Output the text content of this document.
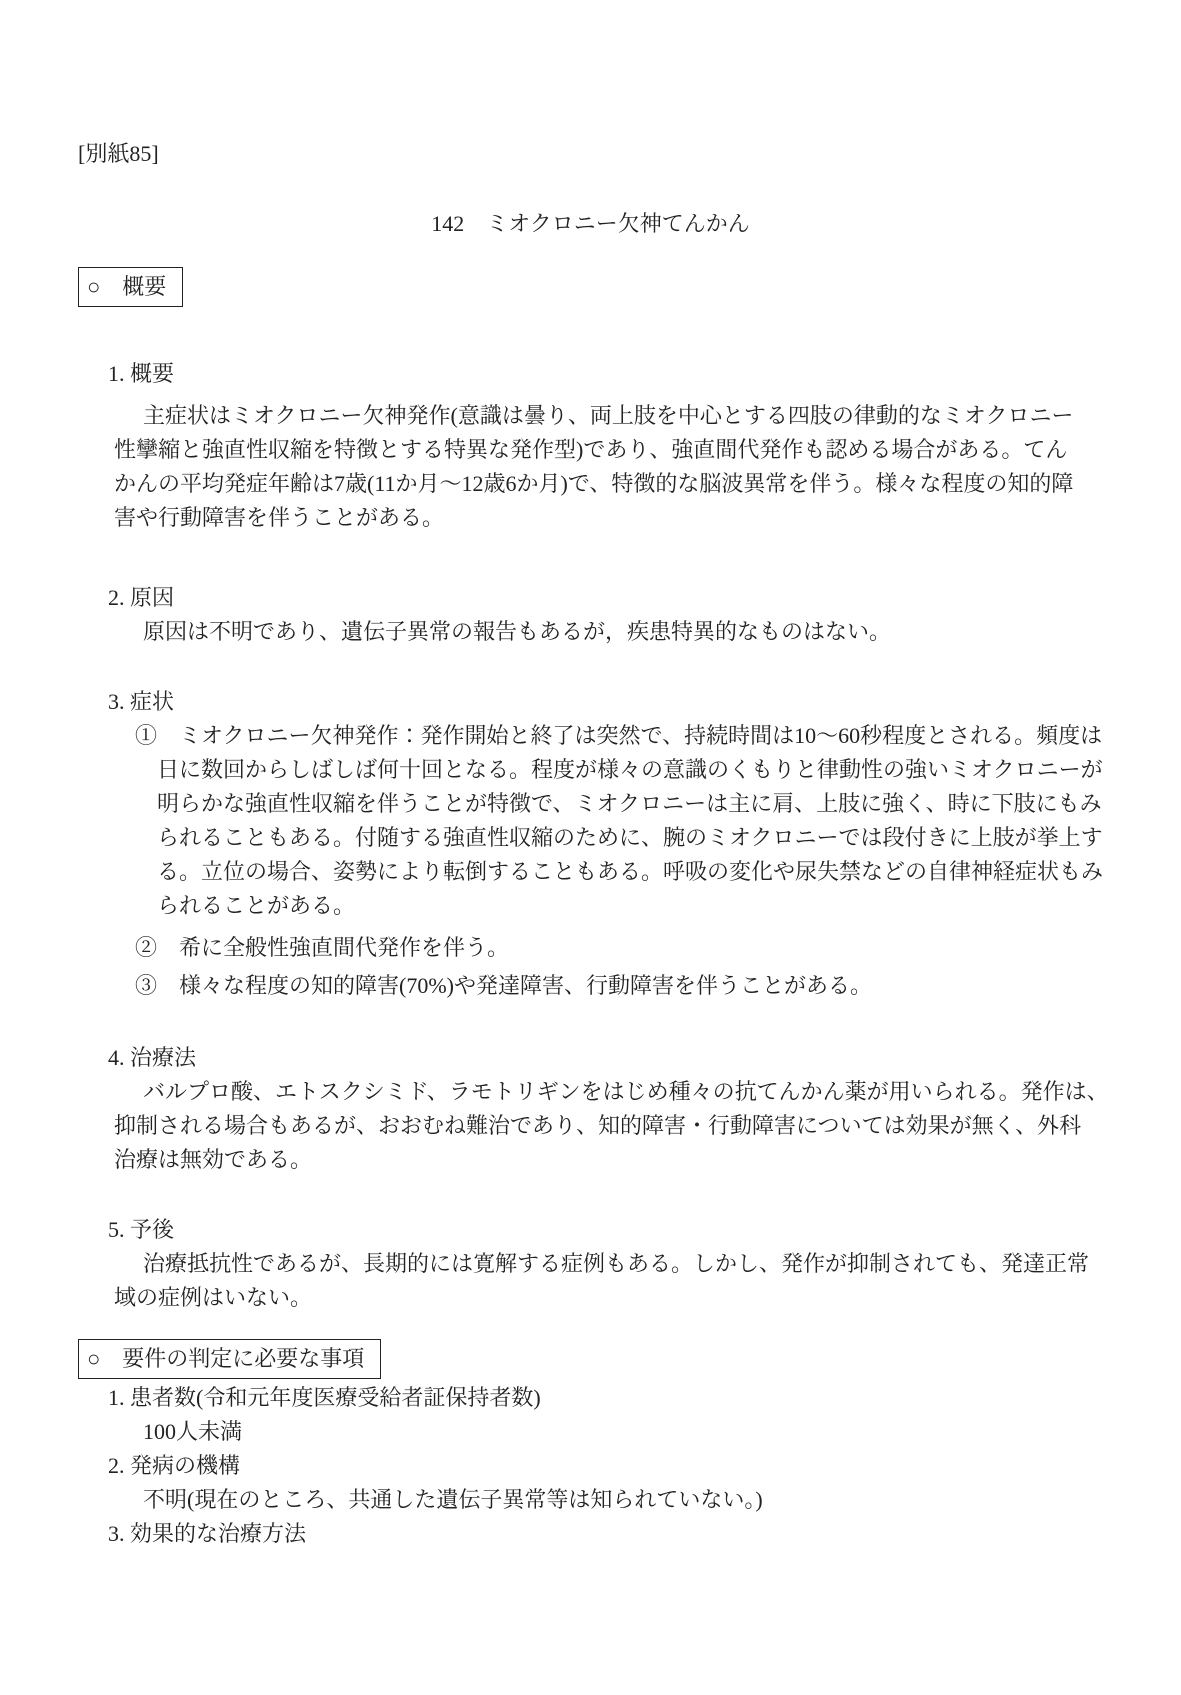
[別紙85]
142　ミオクロニー欠神てんかん
○　概要
1. 概要
主症状はミオクロニー欠神発作(意識は曇り、両上肢を中心とする四肢の律動的なミオクロニー
性攣縮と強直性収縮を特徴とする特異な発作型)であり、強直間代発作も認める場合がある。てん
かんの平均発症年齢は7歳(11か月〜12歳6か月)で、特徴的な脳波異常を伴う。様々な程度の知的障
害や行動障害を伴うことがある。
2. 原因
原因は不明であり、遺伝子異常の報告もあるが，疾患特異的なものはない。
3. 症状
①　ミオクロニー欠神発作：発作開始と終了は突然で、持続時間は10〜60秒程度とされる。頻度は
日に数回からしばしば何十回となる。程度が様々の意識のくもりと律動性の強いミオクロニーが
明らかな強直性収縮を伴うことが特徴で、ミオクロニーは主に肩、上肢に強く、時に下肢にもみ
られることもある。付随する強直性収縮のために、腕のミオクロニーでは段付きに上肢が挙上す
る。立位の場合、姿勢により転倒することもある。呼吸の変化や尿失禁などの自律神経症状もみ
られることがある。
②　希に全般性強直間代発作を伴う。
③　様々な程度の知的障害(70%)や発達障害、行動障害を伴うことがある。
4. 治療法
バルプロ酸、エトスクシミド、ラモトリギンをはじめ種々の抗てんかん薬が用いられる。発作は、
抑制される場合もあるが、おおむね難治であり、知的障害・行動障害については効果が無く、外科
治療は無効である。
5. 予後
治療抵抗性であるが、長期的には寛解する症例もある。しかし、発作が抑制されても、発達正常
域の症例はいない。
○　要件の判定に必要な事項
1. 患者数(令和元年度医療受給者証保持者数)
100人未満
2. 発病の機構
不明(現在のところ、共通した遺伝子異常等は知られていない。)
3. 効果的な治療方法
